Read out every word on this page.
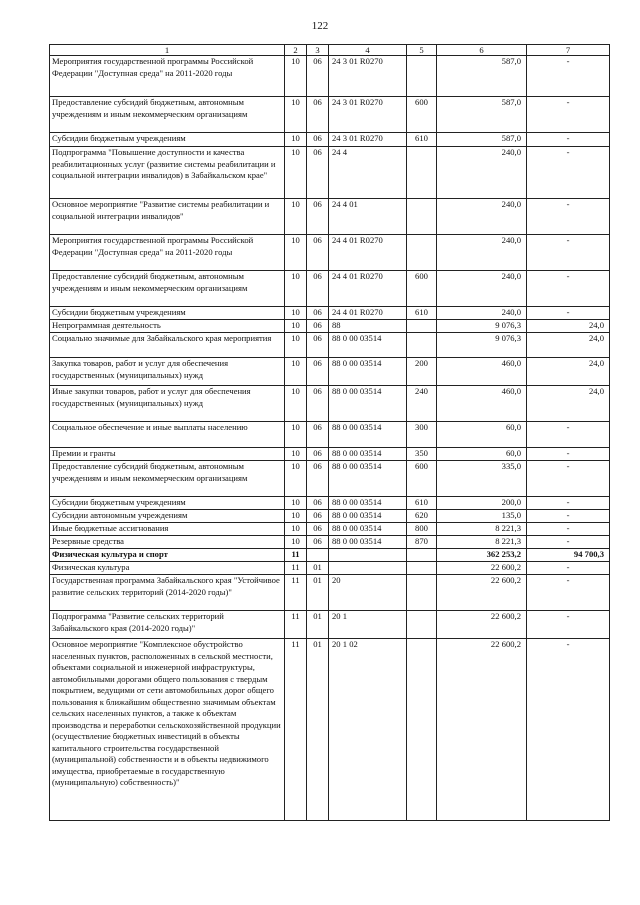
122
1	2	3	4	5	6	7
Мероприятия государственной программы Российской Федерации "Доступная среда" на 2011-2020 годы	10	06	24 3 01 R0270		587,0	-
Предоставление субсидий бюджетным, автономным учреждениям и иным некоммерческим организациям	10	06	24 3 01 R0270	600	587,0	-
Субсидии бюджетным учреждениям	10	06	24 3 01 R0270	610	587,0	-
Подпрограмма "Повышение доступности и качества реабилитационных услуг (развитие системы реабилитации и социальной интеграции инвалидов) в Забайкальском крае"	10	06	24 4		240,0	-
Основное мероприятие "Развитие системы реабилитации и социальной интеграции инвалидов"	10	06	24 4 01		240,0	-
Мероприятия государственной программы Российской Федерации "Доступная среда" на 2011-2020 годы	10	06	24 4 01 R0270		240,0	-
Предоставление субсидий бюджетным, автономным учреждениям и иным некоммерческим организациям	10	06	24 4 01 R0270	600	240,0	-
Субсидии бюджетным учреждениям	10	06	24 4 01 R0270	610	240,0	-
Непрограммная деятельность	10	06	88		9 076,3	24,0
Социально значимые для Забайкальского края мероприятия	10	06	88 0 00 03514		9 076,3	24,0
Закупка товаров, работ и услуг для обеспечения государственных (муниципальных) нужд	10	06	88 0 00 03514	200	460,0	24,0
Иные закупки товаров, работ и услуг для обеспечения государственных (муниципальных) нужд	10	06	88 0 00 03514	240	460,0	24,0
Социальное обеспечение и иные выплаты населению	10	06	88 0 00 03514	300	60,0	-
Премии и гранты	10	06	88 0 00 03514	350	60,0	-
Предоставление субсидий бюджетным, автономным учреждениям и иным некоммерческим организациям	10	06	88 0 00 03514	600	335,0	-
Субсидии бюджетным учреждениям	10	06	88 0 00 03514	610	200,0	-
Субсидии автономным учреждениям	10	06	88 0 00 03514	620	135,0	-
Иные бюджетные ассигнования	10	06	88 0 00 03514	800	8 221,3	-
Резервные средства	10	06	88 0 00 03514	870	8 221,3	-
Физическая культура и спорт	11				362 253,2	94 700,3
Физическая культура	11	01			22 600,2	-
Государственная программа Забайкальского края "Устойчивое развитие сельских территорий (2014-2020 годы)"	11	01	20		22 600,2	-
Подпрограмма "Развитие сельских территорий Забайкальского края (2014-2020 годы)"	11	01	20 1		22 600,2	-
Основное мероприятие "Комплексное обустройство населенных пунктов, расположенных в сельской местности, объектами социальной и инженерной инфраструктуры, автомобильными дорогами общего пользования с твердым покрытием, ведущими от сети автомобильных дорог общего пользования к ближайшим общественно значимым объектам сельских населенных пунктов, а также к объектам производства и переработки сельскохозяйственной продукции (осуществление бюджетных инвестиций в объекты капитального строительства государственной (муниципальной) собственности и в объекты недвижимого имущества, приобретаемые в государственную (муниципальную) собственность)"	11	01	20 1 02		22 600,2	-
